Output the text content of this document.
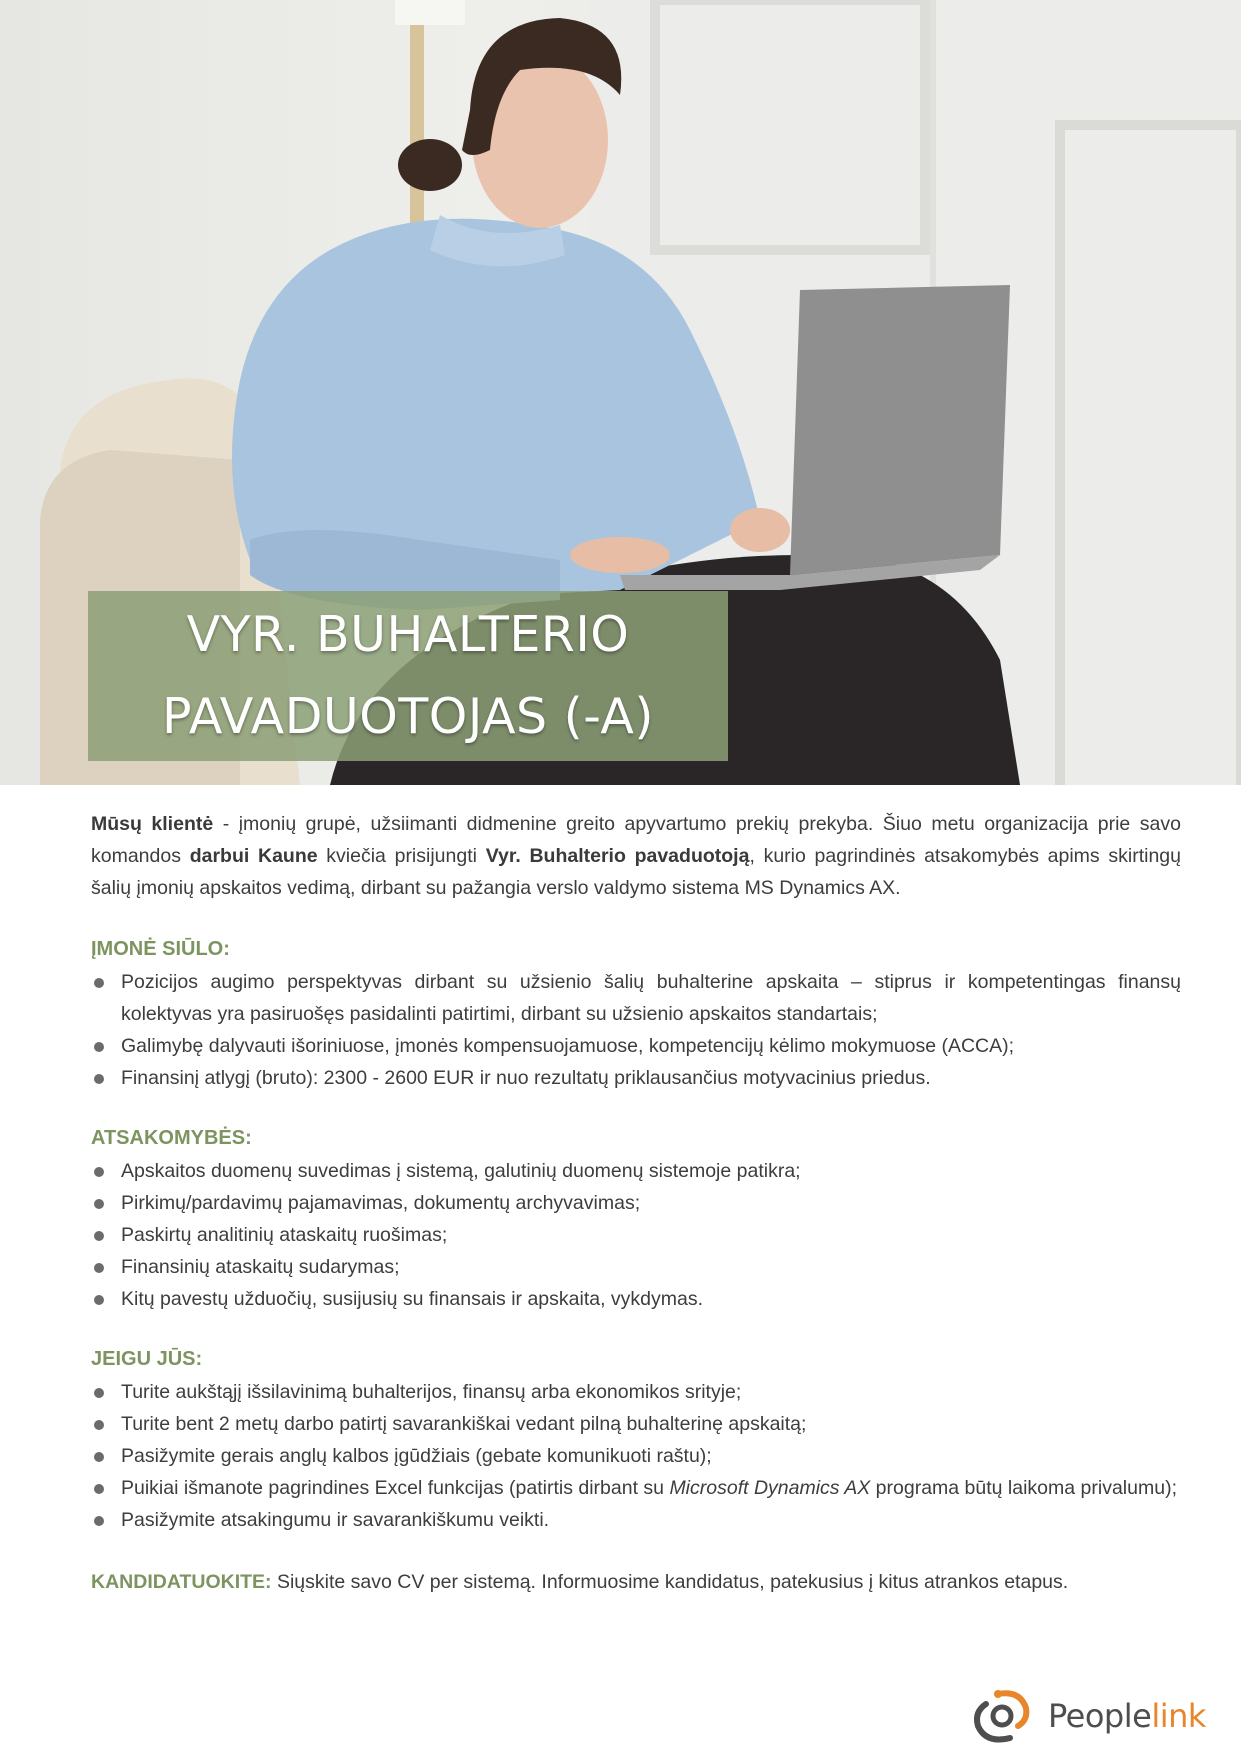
VYR. BUHALTERIO
PAVADUOTOJAS (-A)

Mūsų klientė - įmonių grupė, užsiimanti didmenine greito apyvartumo prekių prekyba. Šiuo metu organizacija prie savo komandos darbui Kaune kviečia prisijungti Vyr. Buhalterio pavaduotoją, kurio pagrindinės atsakomybės apims skirtingų šalių įmonių apskaitos vedimą, dirbant su pažangia verslo valdymo sistema MS Dynamics AX.

ĮMONĖ SIŪLO:

Pozicijos augimo perspektyvas dirbant su užsienio šalių buhalterine apskaita – stiprus ir kompetentingas finansų kolektyvas yra pasiruošęs pasidalinti patirtimi, dirbant su užsienio apskaitos standartais;
Galimybę dalyvauti išoriniuose, įmonės kompensuojamuose, kompetencijų kėlimo mokymuose (ACCA);
Finansinį atlygį (bruto): 2300 - 2600 EUR ir nuo rezultatų priklausančius motyvacinius priedus.

ATSAKOMYBĖS:

Apskaitos duomenų suvedimas į sistemą, galutinių duomenų sistemoje patikra;
Pirkimų/pardavimų pajamavimas, dokumentų archyvavimas;
Paskirtų analitinių ataskaitų ruošimas;
Finansinių ataskaitų sudarymas;
Kitų pavestų užduočių, susijusių su finansais ir apskaita, vykdymas.

JEIGU JŪS:

Turite aukštąjį išsilavinimą buhalterijos, finansų arba ekonomikos srityje;
Turite bent 2 metų darbo patirtį savarankiškai vedant pilną buhalterinę apskaitą;
Pasižymite gerais anglų kalbos įgūdžiais (gebate komunikuoti raštu);
Puikiai išmanote pagrindines Excel funkcijas (patirtis dirbant su Microsoft Dynamics AX programa būtų laikoma privalumu);
Pasižymite atsakingumu ir savarankiškumu veikti.

KANDIDATUOKITE: Siųskite savo CV per sistemą. Informuosime kandidatus, patekusius į kitus atrankos etapus.

Peoplelink
